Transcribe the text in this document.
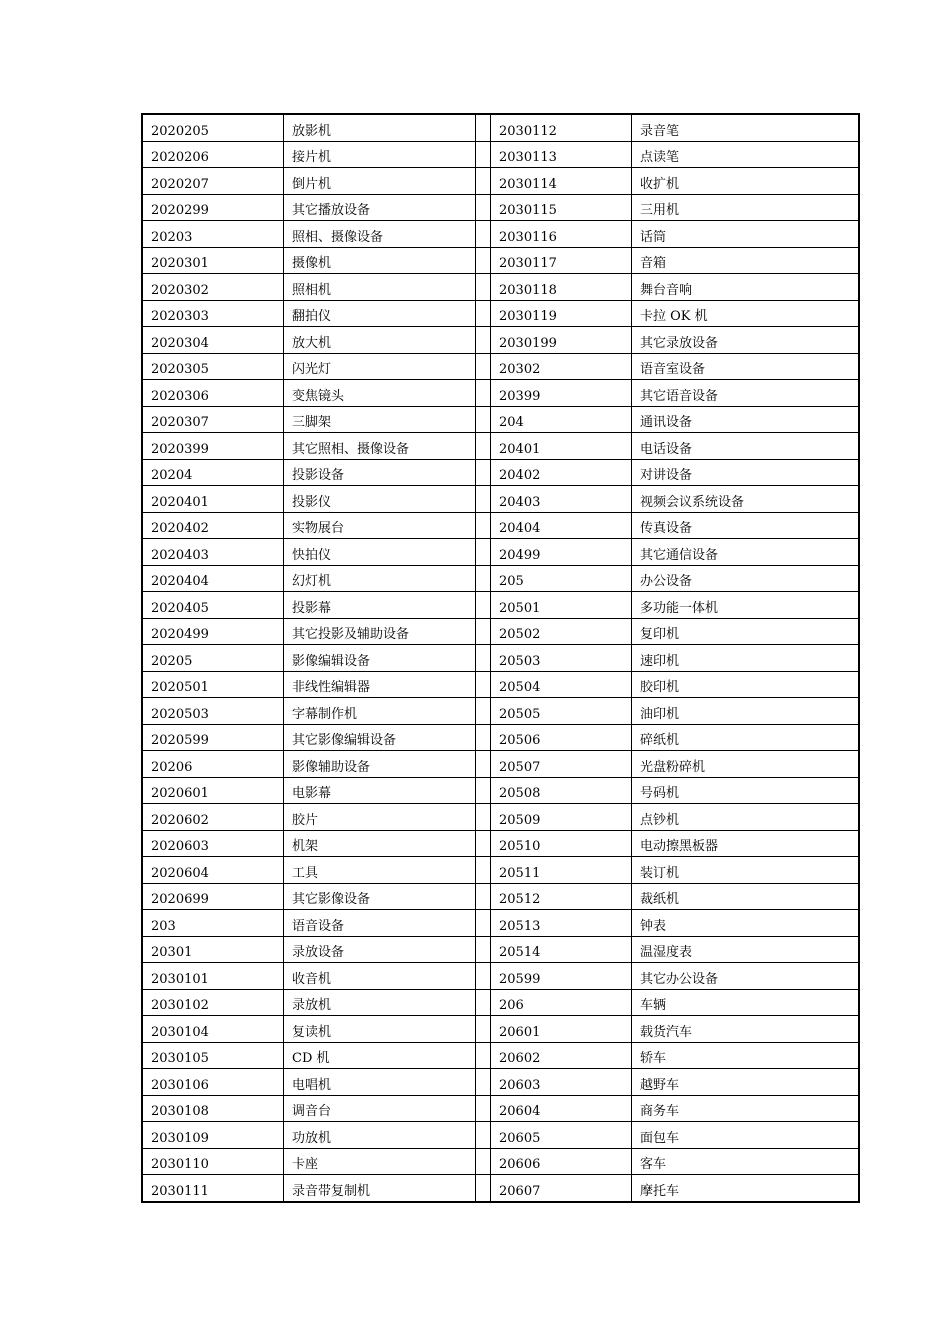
2020205	放影机		2030112	录音笔
2020206	接片机		2030113	点读笔
2020207	倒片机		2030114	收扩机
2020299	其它播放设备		2030115	三用机
20203	照相、摄像设备		2030116	话筒
2020301	摄像机		2030117	音箱
2020302	照相机		2030118	舞台音响
2020303	翻拍仪		2030119	卡拉 OK 机
2020304	放大机		2030199	其它录放设备
2020305	闪光灯		20302	语音室设备
2020306	变焦镜头		20399	其它语音设备
2020307	三脚架		204	通讯设备
2020399	其它照相、摄像设备		20401	电话设备
20204	投影设备		20402	对讲设备
2020401	投影仪		20403	视频会议系统设备
2020402	实物展台		20404	传真设备
2020403	快拍仪		20499	其它通信设备
2020404	幻灯机		205	办公设备
2020405	投影幕		20501	多功能一体机
2020499	其它投影及辅助设备		20502	复印机
20205	影像编辑设备		20503	速印机
2020501	非线性编辑器		20504	胶印机
2020503	字幕制作机		20505	油印机
2020599	其它影像编辑设备		20506	碎纸机
20206	影像辅助设备		20507	光盘粉碎机
2020601	电影幕		20508	号码机
2020602	胶片		20509	点钞机
2020603	机架		20510	电动擦黑板器
2020604	工具		20511	装订机
2020699	其它影像设备		20512	裁纸机
203	语音设备		20513	钟表
20301	录放设备		20514	温湿度表
2030101	收音机		20599	其它办公设备
2030102	录放机		206	车辆
2030104	复读机		20601	载货汽车
2030105	CD 机		20602	轿车
2030106	电唱机		20603	越野车
2030108	调音台		20604	商务车
2030109	功放机		20605	面包车
2030110	卡座		20606	客车
2030111	录音带复制机		20607	摩托车
